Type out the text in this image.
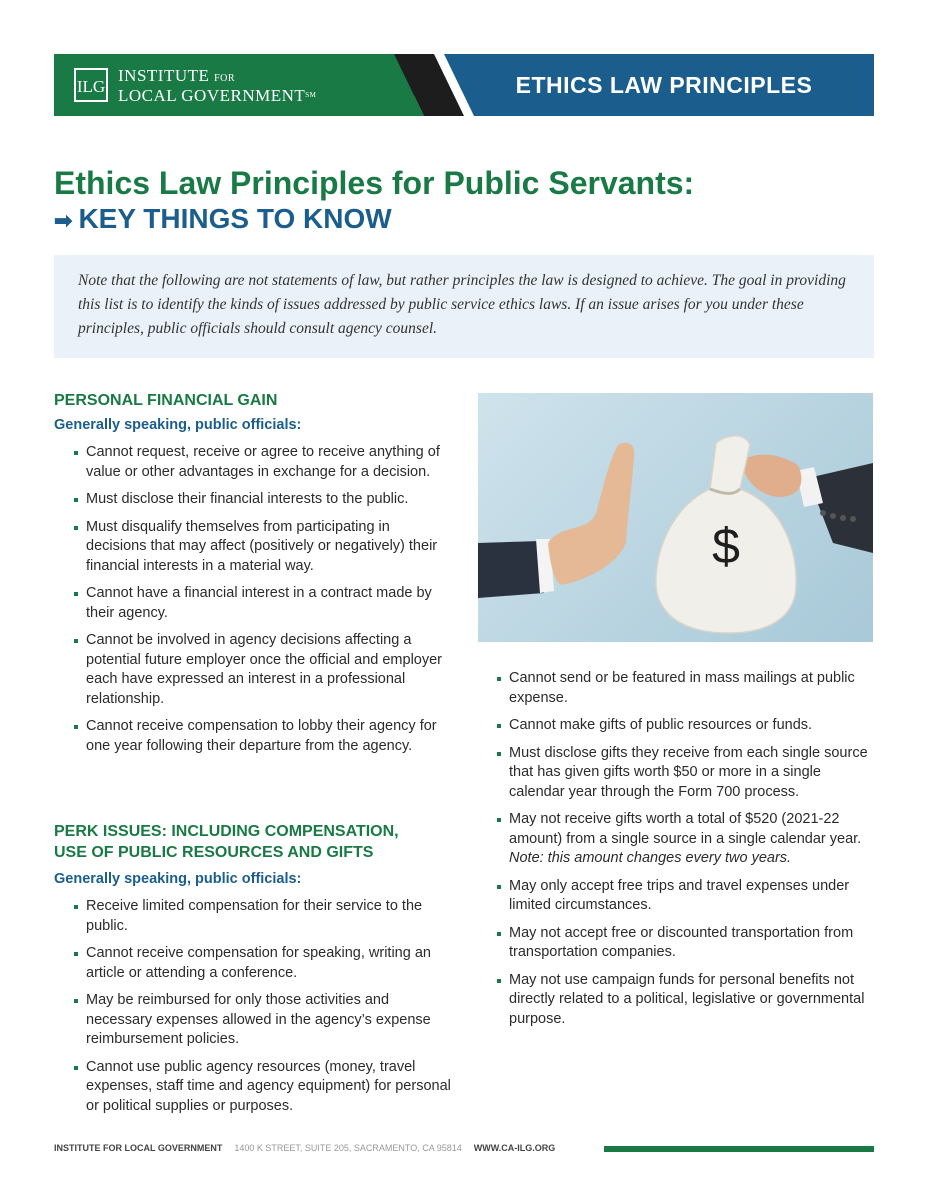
ILG
INSTITUTE FOR
LOCAL GOVERNMENT℠	ETHICS LAW PRINCIPLES
Ethics Law Principles for Public Servants:
➡ KEY THINGS TO KNOW
Note that the following are not statements of law, but rather principles the law is designed to achieve. The goal in providing this list is to identify the kinds of issues addressed by public service ethics laws. If an issue arises for you under these principles, public officials should consult agency counsel.
PERSONAL FINANCIAL GAIN
Generally speaking, public officials:
Cannot request, receive or agree to receive anything of value or other advantages in exchange for a decision.
Must disclose their financial interests to the public.
Must disqualify themselves from participating in decisions that may affect (positively or negatively) their financial interests in a material way.
Cannot have a financial interest in a contract made by their agency.
Cannot be involved in agency decisions affecting a potential future employer once the official and employer each have expressed an interest in a professional relationship.
Cannot receive compensation to lobby their agency for one year following their departure from the agency.
PERK ISSUES: INCLUDING COMPENSATION,
USE OF PUBLIC RESOURCES AND GIFTS
Generally speaking, public officials:
Receive limited compensation for their service to the public.
Cannot receive compensation for speaking, writing an article or attending a conference.
May be reimbursed for only those activities and necessary expenses allowed in the agency’s expense reimbursement policies.
Cannot use public agency resources (money, travel expenses, staff time and agency equipment) for personal or political supplies or purposes.
$
Cannot send or be featured in mass mailings at public expense.
Cannot make gifts of public resources or funds.
Must disclose gifts they receive from each single source that has given gifts worth $50 or more in a single calendar year through the Form 700 process.
May not receive gifts worth a total of $520 (2021-22 amount) from a single source in a single calendar year. Note: this amount changes every two years.
May only accept free trips and travel expenses under limited circumstances.
May not accept free or discounted transportation from transportation companies.
May not use campaign funds for personal benefits not directly related to a political, legislative or governmental purpose.
INSTITUTE FOR LOCAL GOVERNMENT 1400 K STREET, SUITE 205, SACRAMENTO, CA 95814 WWW.CA-ILG.ORG
